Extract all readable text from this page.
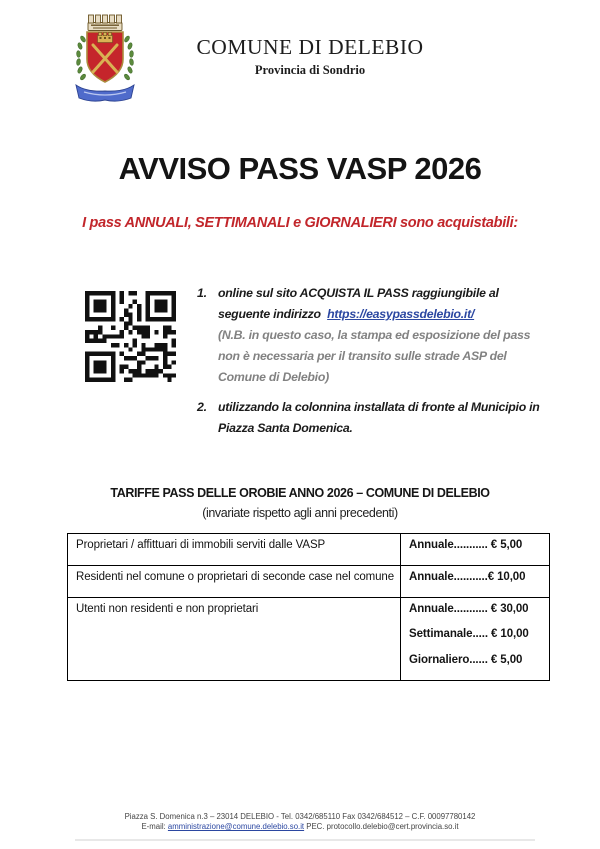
COMUNE DI DELEBIO
Provincia di Sondrio
AVVISO PASS VASP 2026
I pass ANNUALI, SETTIMANALI e GIORNALIERI sono acquistabili:
1. online sul sito ACQUISTA IL PASS raggiungibile al
seguente indirizzo  https://easypassdelebio.it/
(N.B. in questo caso, la stampa ed esposizione del pass
non è necessaria per il transito sulle strade ASP del
Comune di Delebio)
2. utilizzando la colonnina installata di fronte al Municipio in
Piazza Santa Domenica.
TARIFFE PASS DELLE OROBIE ANNO 2026 – COMUNE DI DELEBIO
(invariate rispetto agli anni precedenti)
Proprietari / affittuari di immobili serviti dalle VASP	Annuale........... € 5,00

Residenti nel comune o proprietari di seconde case nel comune	Annuale...........€ 10,00

Utenti non residenti e non proprietari	Annuale........... € 30,00
Settimanale..... € 10,00
Giornaliero...... € 5,00
Piazza S. Domenica n.3 – 23014 DELEBIO - Tel. 0342/685110 Fax 0342/684512 – C.F. 00097780142
E-mail: amministrazione@comune.delebio.so.it PEC. protocollo.delebio@cert.provincia.so.it
